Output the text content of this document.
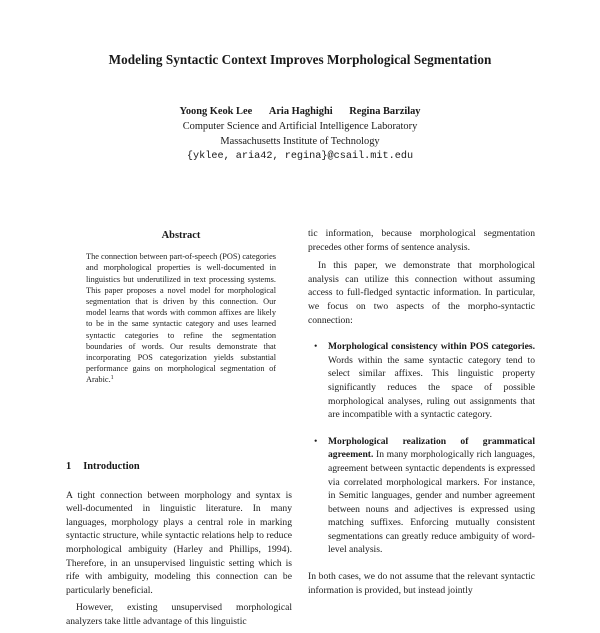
Modeling Syntactic Context Improves Morphological Segmentation
Yoong Keok Lee Aria Haghighi Regina Barzilay
Computer Science and Artificial Intelligence Laboratory
Massachusetts Institute of Technology
{yklee, aria42, regina}@csail.mit.edu
Abstract

The connection between part-of-speech (POS) categories and morphological properties is well-documented in linguistics but underutilized in text processing systems. This paper proposes a novel model for morphological segmentation that is driven by this connection. Our model learns that words with common affixes are likely to be in the same syntactic category and uses learned syntactic categories to refine the segmentation boundaries of words. Our results demonstrate that incorporating POS categorization yields substantial performance gains on morphological segmentation of Arabic.$^1$

1 Introduction

A tight connection between morphology and syntax is well-documented in linguistic literature. In many languages, morphology plays a central role in marking syntactic structure, while syntactic relations help to reduce morphological ambiguity (Harley and Phillips, 1994). Therefore, in an unsupervised linguistic setting which is rife with ambiguity, modeling this connection can be particularly beneficial.

However, existing unsupervised morphological analyzers take little advantage of this linguistic

tic information, because morphological segmentation precedes other forms of sentence analysis.

In this paper, we demonstrate that morphological analysis can utilize this connection without assuming access to full-fledged syntactic information. In particular, we focus on two aspects of the morpho-syntactic connection:

• Morphological consistency within POS categories. Words within the same syntactic category tend to select similar affixes. This linguistic property significantly reduces the space of possible morphological analyses, ruling out assignments that are incompatible with a syntactic category.
• Morphological realization of grammatical agreement. In many morphologically rich languages, agreement between syntactic dependents is expressed via correlated morphological markers. For instance, in Semitic languages, gender and number agreement between nouns and adjectives is expressed using matching suffixes. Enforcing mutually consistent segmentations can greatly reduce ambiguity of word-level analysis.

In both cases, we do not assume that the relevant syntactic information is provided, but instead jointly
